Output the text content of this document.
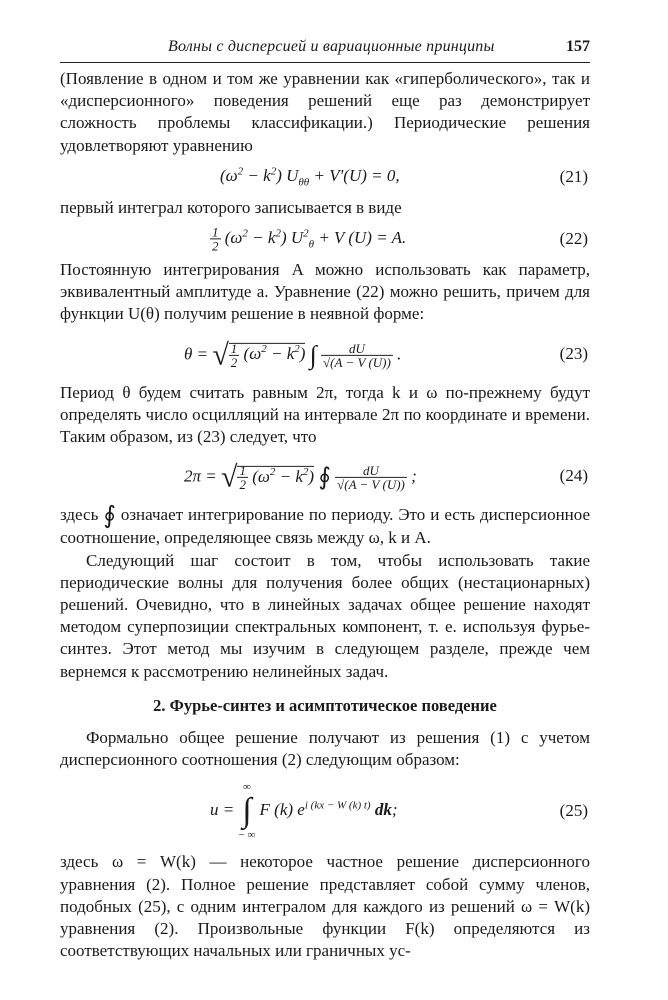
Волны с дисперсией и вариационные принципы	157

(Появление в одном и том же уравнении как «гиперболического», так и «дисперсионного» поведения решений еще раз демонстрирует сложность проблемы классификации.) Периодические решения удовлетворяют уравнению

$(\omega^2 - k^2) U_{\theta\theta} + V'(U) = 0$,	(21)

первый интеграл которого записывается в виде

$\frac{1}{2} (\omega^2 - k^2) U^2_\theta + V$ (U) = A.	(22)

Постоянную интегрирования A можно использовать как параметр, эквивалентный амплитуде a. Уравнение (22) можно решить, причем для функции U(θ) получим решение в неявной форме:

θ = √ $\frac{1}{2} (\omega^2 - k^2)$ ∫ $\frac{dU}{√(A - V (U))}$ .	(23)

Период θ будем считать равным 2π, тогда k и ω по-прежнему будут определять число осцилляций на интервале 2π по координате и времени. Таким образом, из (23) следует, что

2π = √ $\frac{1}{2} (\omega^2 - k^2)$ ∮ $\frac{dU}{√(A - V (U))}$ ;	(24)

здесь ∮ означает интегрирование по периоду. Это и есть дисперсионное соотношение, определяющее связь между ω, k и A.

Следующий шаг состоит в том, чтобы использовать такие периодические волны для получения более общих (нестационарных) решений. Очевидно, что в линейных задачах общее решение находят методом суперпозиции спектральных компонент, т. е. используя фурье-синтез. Этот метод мы изучим в следующем разделе, прежде чем вернемся к рассмотрению нелинейных задач.

2. Фурье-синтез и асимптотическое поведение

Формально общее решение получают из решения (1) с учетом дисперсионного соотношения (2) следующим образом:

u = ∞
∫
− ∞ F (k) $e^{i (kx - W (k) t)}$ dk;	(25)

здесь ω = W(k) — некоторое частное решение дисперсионного уравнения (2). Полное решение представляет собой сумму членов, подобных (25), с одним интегралом для каждого из решений ω = W(k) уравнения (2). Произвольные функции F(k) определяются из соответствующих начальных или граничных ус-
